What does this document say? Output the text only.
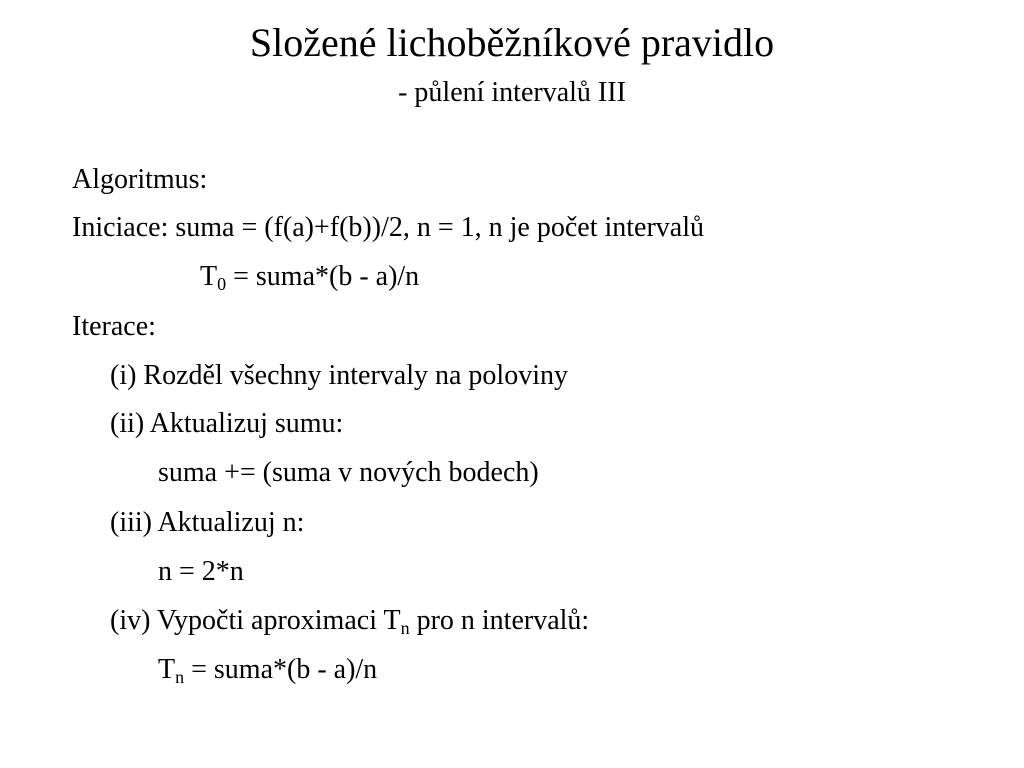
Složené lichoběžníkové pravidlo
- půlení intervalů III
Algoritmus:
Iniciace: suma = (f(a)+f(b))/2, n = 1, n je počet intervalů
$T_0$ = suma*(b - a)/n
Iterace:
(i) Rozděl všechny intervaly na poloviny
(ii) Aktualizuj sumu:
suma += (suma v nových bodech)
(iii) Aktualizuj n:
n = 2*n
(iv) Vypočti aproximaci $T_n$ pro n intervalů:
$T_n$ = suma*(b - a)/n
